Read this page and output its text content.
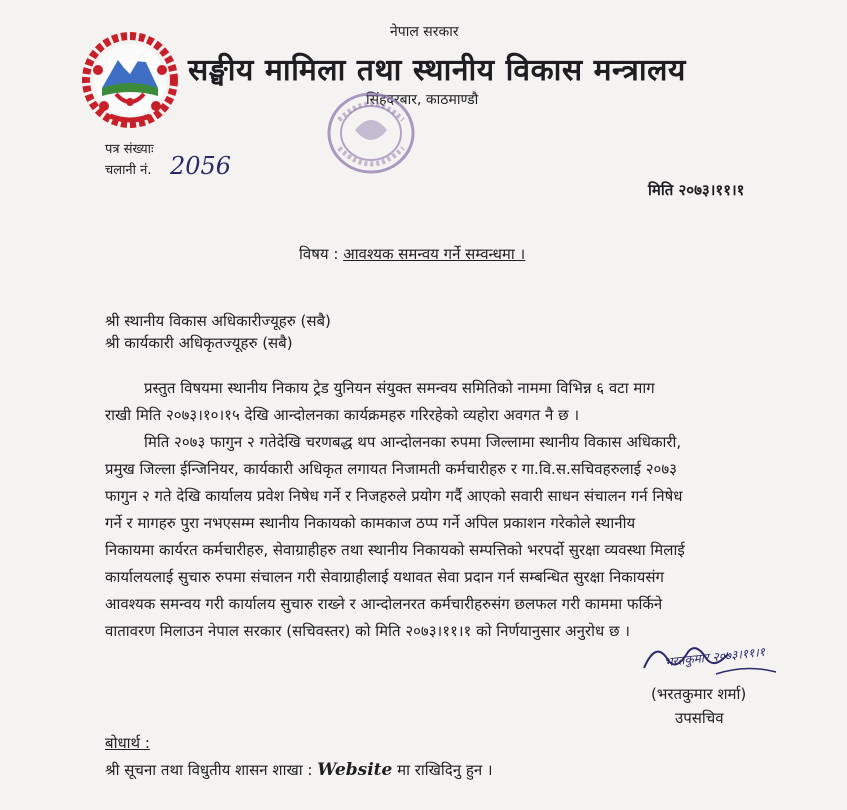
नेपाल सरकार
सङ्घीय मामिला तथा स्थानीय विकास मन्त्रालय
सिंहदरबार, काठमाण्डौ
पत्र संख्याः
चलानी नं. 2056
मिति २०७३।११।१
विषय : आवश्यक समन्वय गर्ने सम्वन्धमा ।
श्री स्थानीय विकास अधिकारीज्यूहरु (सबै)
श्री कार्यकारी अधिकृतज्यूहरु (सबै)
प्रस्तुत विषयमा स्थानीय निकाय ट्रेड युनियन संयुक्त समन्वय समितिको नाममा विभिन्न ६ वटा माग
राखी मिति २०७३।१०।१५ देखि आन्दोलनका कार्यक्रमहरु गरिरहेको व्यहोरा अवगत नै छ ।
मिति २०७३ फागुन २ गतेदेखि चरणबद्ध थप आन्दोलनका रुपमा जिल्लामा स्थानीय विकास अधिकारी,
प्रमुख जिल्ला ईन्जिनियर, कार्यकारी अधिकृत लगायत निजामती कर्मचारीहरु र गा.वि.स.सचिवहरुलाई २०७३
फागुन २ गते देखि कार्यालय प्रवेश निषेध गर्ने र निजहरुले प्रयोग गर्दै आएको सवारी साधन संचालन गर्न निषेध
गर्ने र मागहरु पुरा नभएसम्म स्थानीय निकायको कामकाज ठप्प गर्ने अपिल प्रकाशन गरेकोले स्थानीय
निकायमा कार्यरत कर्मचारीहरु, सेवाग्राहीहरु तथा स्थानीय निकायको सम्पत्तिको भरपर्दो सुरक्षा व्यवस्था मिलाई
कार्यालयलाई सुचारु रुपमा संचालन गरी सेवाग्राहीलाई यथावत सेवा प्रदान गर्न सम्बन्धित सुरक्षा निकायसंग
आवश्यक समन्वय गरी कार्यालय सुचारु राख्ने र आन्दोलनरत कर्मचारीहरुसंग छलफल गरी काममा फर्किने
वातावरण मिलाउन नेपाल सरकार (सचिवस्तर) को मिति २०७३।११।१ को निर्णयानुसार अनुरोध छ ।
भरतकुमार २०७३।११।१
(भरतकुमार शर्मा)
उपसचिव
बोधार्थ :
श्री सूचना तथा विधुतीय शासन शाखा : Website मा राखिदिनु हुन ।
